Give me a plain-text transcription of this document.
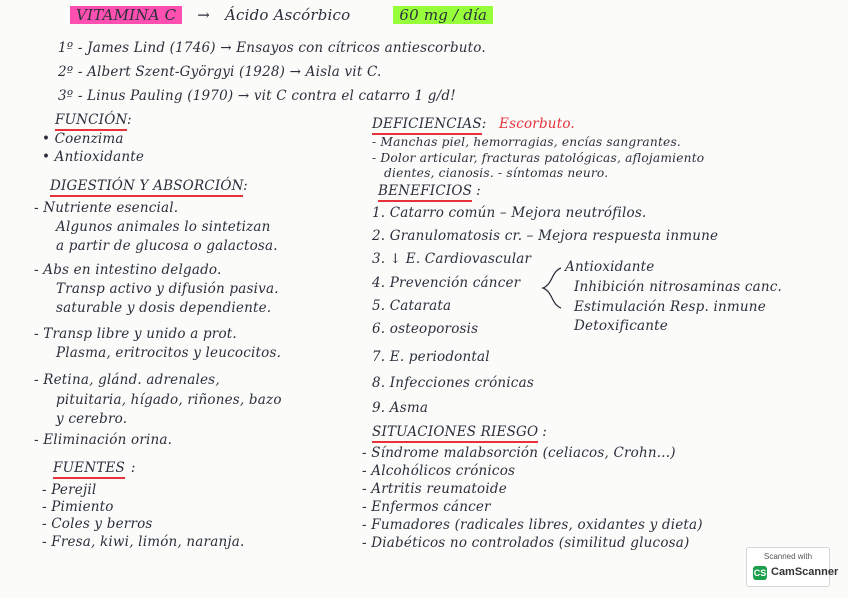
VITAMINA C → Ácido Ascórbico	60 mg / día
1º - James Lind (1746) → Ensayos con cítricos antiescorbuto.
2º - Albert Szent-Györgyi (1928) → Aisla vit C.
3º - Linus Pauling (1970) → vit C contra el catarro 1 g/d!
FUNCIÓN:
• Coenzima
• Antioxidante
DIGESTIÓN Y ABSORCIÓN:
- Nutriente esencial.
Algunos animales lo sintetizan
a partir de glucosa o galactosa.
- Abs en intestino delgado.
Transp activo y difusión pasiva.
saturable y dosis dependiente.
- Transp libre y unido a prot.
Plasma, eritrocitos y leucocitos.
- Retina, glánd. adrenales,
pituitaria, hígado, riñones, bazo
y cerebro.
- Eliminación orina.
FUENTES :
- Perejil
- Pimiento
- Coles y berros
- Fresa, kiwi, limón, naranja.
DEFICIENCIAS: Escorbuto.
- Manchas piel, hemorragias, encías sangrantes.
- Dolor articular, fracturas patológicas, aflojamiento
dientes, cianosis. - síntomas neuro.
BENEFICIOS :
1. Catarro común – Mejora neutrófilos.
2. Granulomatosis cr. – Mejora respuesta inmune
3. ↓ E. Cardiovascular
4. Prevención cáncer
5. Catarata
6. osteoporosis
7. E. periodontal
8. Infecciones crónicas
9. Asma
Antioxidante
Inhibición nitrosaminas canc.
Estimulación Resp. inmune
Detoxificante
SITUACIONES RIESGO :
- Síndrome malabsorción (celiacos, Crohn...)
- Alcohólicos crónicos
- Artritis reumatoide
- Enfermos cáncer
- Fumadores (radicales libres, oxidantes y dieta)
- Diabéticos no controlados (similitud glucosa)
Scanned with
CS CamScanner
